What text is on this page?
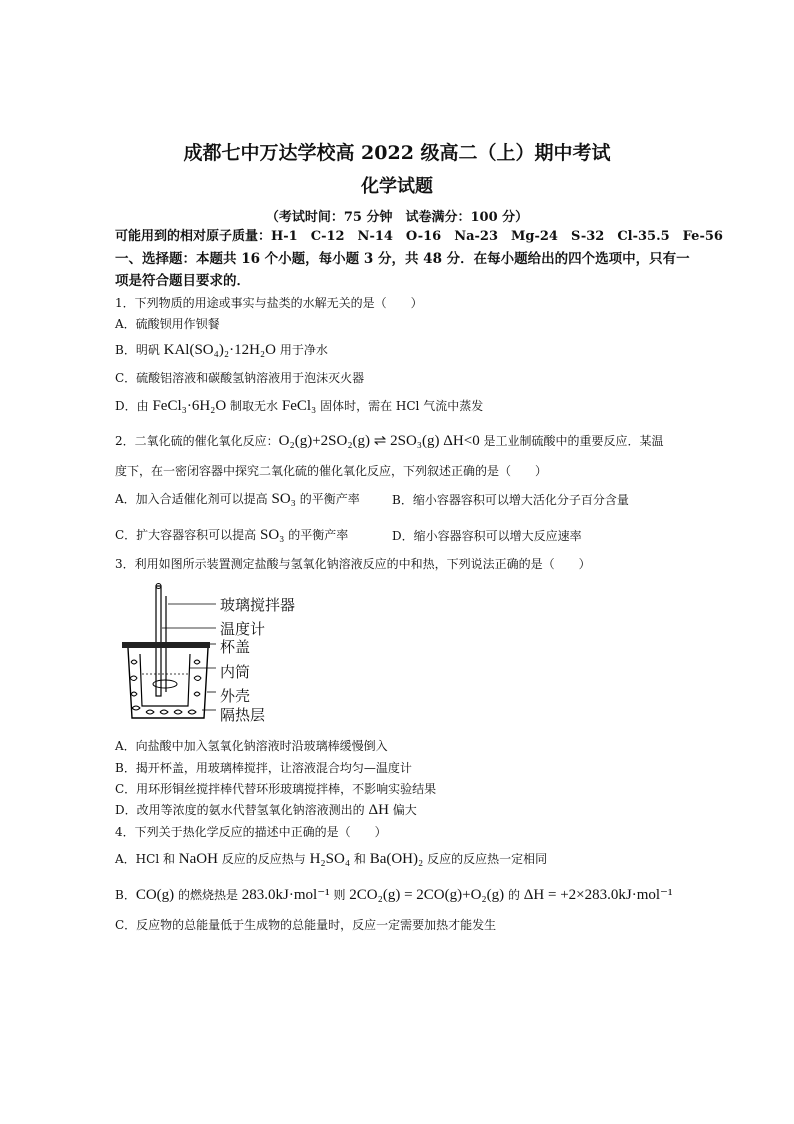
成都七中万达学校高 2022 级高二（上）期中考试
化学试题
（考试时间：75 分钟　试卷满分：100 分）
可能用到的相对原子质量：H-1　C-12　N-14　O-16　Na-23　Mg-24　S-32　Cl-35.5　Fe-56
一、选择题：本题共 16 个小题，每小题 3 分，共 48 分．在每小题给出的四个选项中，只有一
项是符合题目要求的．
1．下列物质的用途或事实与盐类的水解无关的是（　　）
A．硫酸钡用作钡餐
B．明矾 KAl(SO₄)₂·12H₂O 用于净水
C．硫酸铝溶液和碳酸氢钠溶液用于泡沫灭火器
D．由 FeCl₃·6H₂O 制取无水 FeCl₃ 固体时，需在 HCl 气流中蒸发
2．二氧化硫的催化氧化反应：O₂(g)+2SO₂(g) ⇌ 2SO₃(g) ΔH<0 是工业制硫酸中的重要反应．某温
度下，在一密闭容器中探究二氧化硫的催化氧化反应，下列叙述正确的是（　　）
A．加入合适催化剂可以提高 SO₃ 的平衡产率	B．缩小容器容积可以增大活化分子百分含量
C．扩大容器容积可以提高 SO₃ 的平衡产率	D．缩小容器容积可以增大反应速率
3．利用如图所示装置测定盐酸与氢氧化钠溶液反应的中和热，下列说法正确的是（　　）
玻璃搅拌器
温度计
杯盖
内筒
外壳
隔热层
A．向盐酸中加入氢氧化钠溶液时沿玻璃棒缓慢倒入
B．揭开杯盖，用玻璃棒搅拌，让溶液混合均匀—温度计
C．用环形铜丝搅拌棒代替环形玻璃搅拌棒，不影响实验结果
D．改用等浓度的氨水代替氢氧化钠溶液测出的 ΔH 偏大
4．下列关于热化学反应的描述中正确的是（　　）
A．HCl 和 NaOH 反应的反应热与 H₂SO₄ 和 Ba(OH)₂ 反应的反应热一定相同
B．CO(g) 的燃烧热是 283.0kJ·mol⁻¹ 则 2CO₂(g) = 2CO(g)+O₂(g) 的 ΔH = +2×283.0kJ·mol⁻¹
C．反应物的总能量低于生成物的总能量时，反应一定需要加热才能发生
